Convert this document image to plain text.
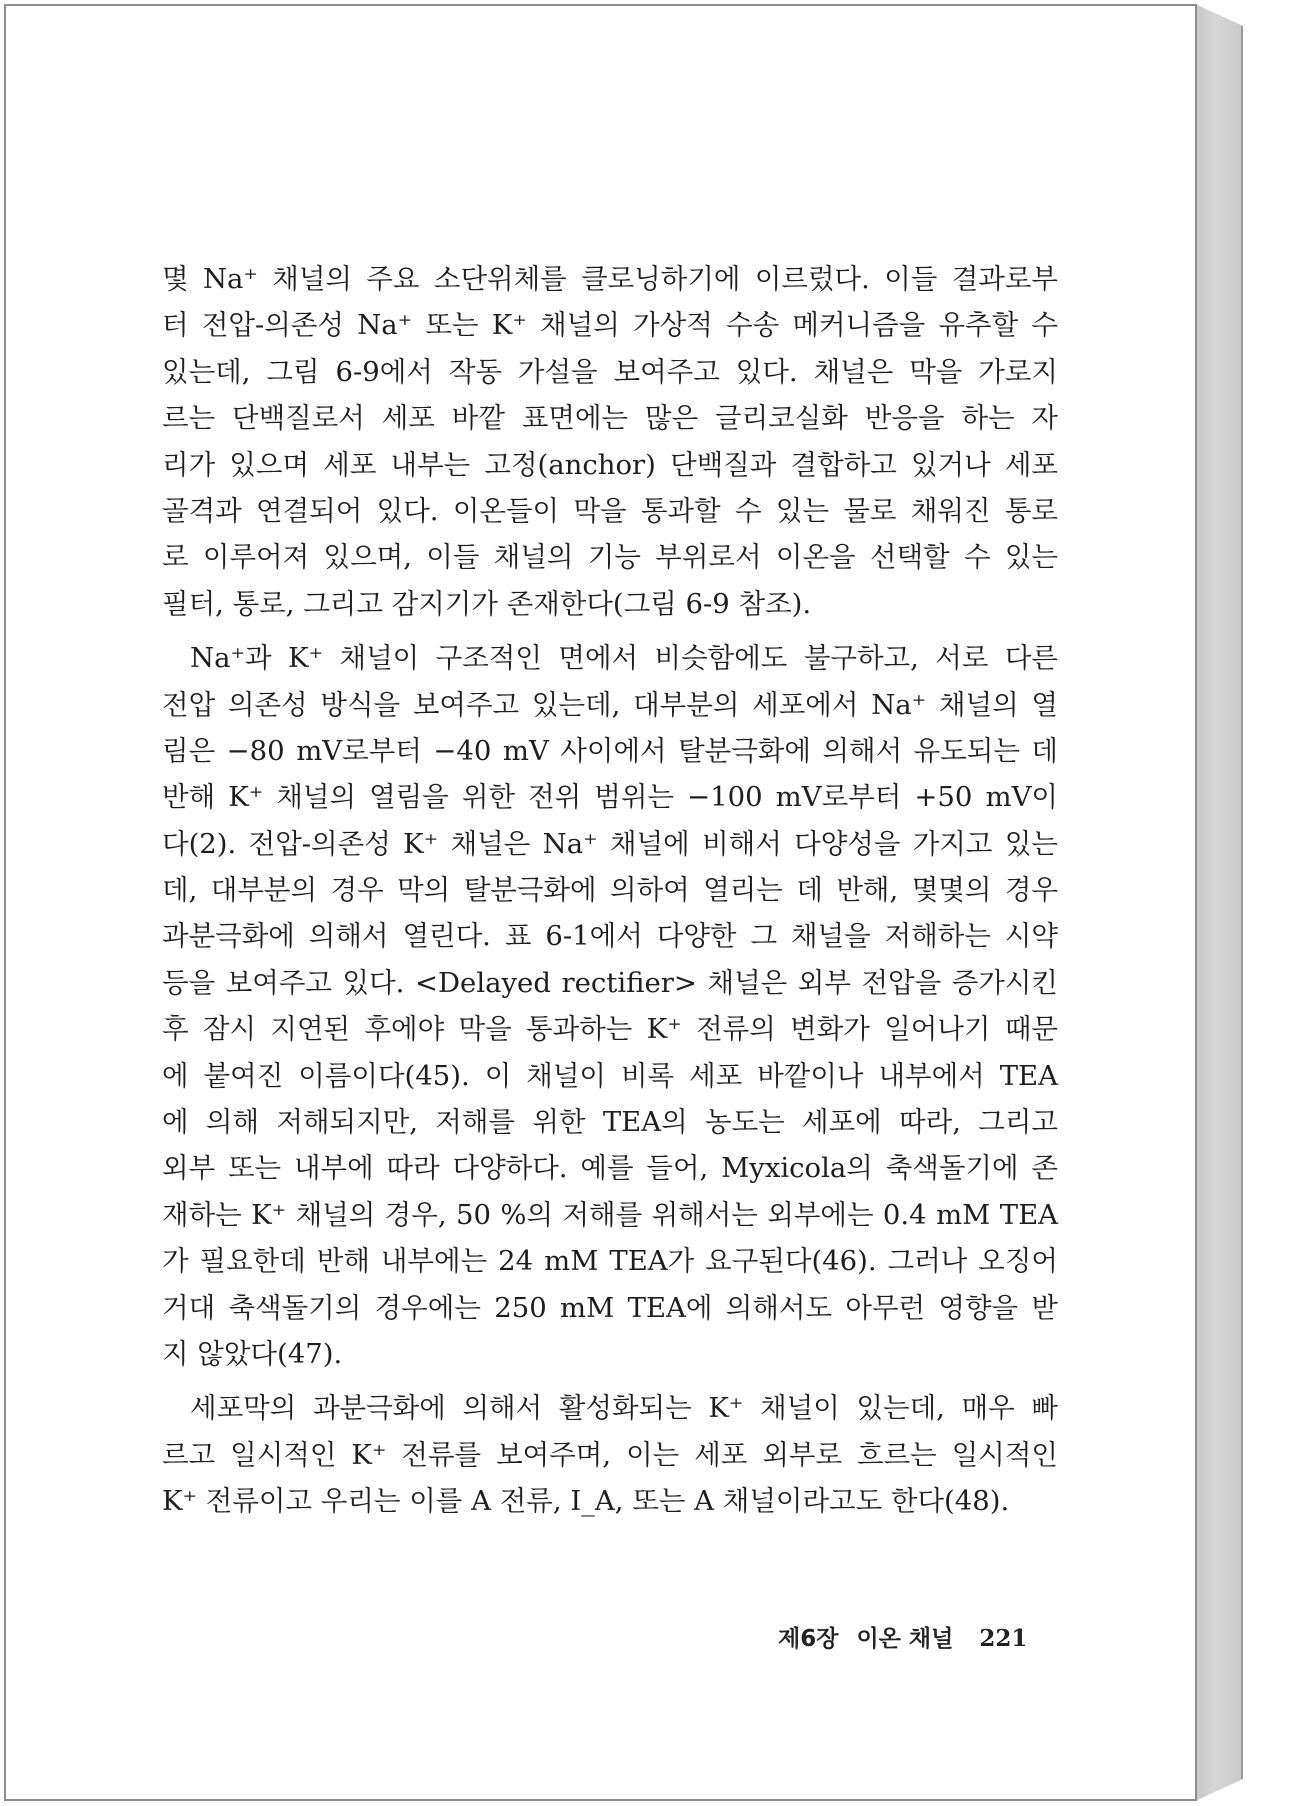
몇 Na⁺ 채널의 주요 소단위체를 클로닝하기에 이르렀다. 이들 결과로부
터 전압-의존성 Na⁺ 또는 K⁺ 채널의 가상적 수송 메커니즘을 유추할 수
있는데, 그림 6-9에서 작동 가설을 보여주고 있다. 채널은 막을 가로지
르는 단백질로서 세포 바깥 표면에는 많은 글리코실화 반응을 하는 자
리가 있으며 세포 내부는 고정(anchor) 단백질과 결합하고 있거나 세포
골격과 연결되어 있다. 이온들이 막을 통과할 수 있는 물로 채워진 통로
로 이루어져 있으며, 이들 채널의 기능 부위로서 이온을 선택할 수 있는
필터, 통로, 그리고 감지기가 존재한다(그림 6-9 참조).
Na⁺과 K⁺ 채널이 구조적인 면에서 비슷함에도 불구하고, 서로 다른
전압 의존성 방식을 보여주고 있는데, 대부분의 세포에서 Na⁺ 채널의 열
림은 −80 mV로부터 −40 mV 사이에서 탈분극화에 의해서 유도되는 데
반해 K⁺ 채널의 열림을 위한 전위 범위는 −100 mV로부터 +50 mV이
다(2). 전압-의존성 K⁺ 채널은 Na⁺ 채널에 비해서 다양성을 가지고 있는
데, 대부분의 경우 막의 탈분극화에 의하여 열리는 데 반해, 몇몇의 경우
과분극화에 의해서 열린다. 표 6-1에서 다양한 그 채널을 저해하는 시약
등을 보여주고 있다. <Delayed rectifier> 채널은 외부 전압을 증가시킨
후 잠시 지연된 후에야 막을 통과하는 K⁺ 전류의 변화가 일어나기 때문
에 붙여진 이름이다(45). 이 채널이 비록 세포 바깥이나 내부에서 TEA
에 의해 저해되지만, 저해를 위한 TEA의 농도는 세포에 따라, 그리고
외부 또는 내부에 따라 다양하다. 예를 들어, Myxicola의 축색돌기에 존
재하는 K⁺ 채널의 경우, 50 %의 저해를 위해서는 외부에는 0.4 mM TEA
가 필요한데 반해 내부에는 24 mM TEA가 요구된다(46). 그러나 오징어
거대 축색돌기의 경우에는 250 mM TEA에 의해서도 아무런 영향을 받
지 않았다(47).
세포막의 과분극화에 의해서 활성화되는 K⁺ 채널이 있는데, 매우 빠
르고 일시적인 K⁺ 전류를 보여주며, 이는 세포 외부로 흐르는 일시적인
K⁺ 전류이고 우리는 이를 A 전류, I_A, 또는 A 채널이라고도 한다(48).
제6장 이온 채널 221
